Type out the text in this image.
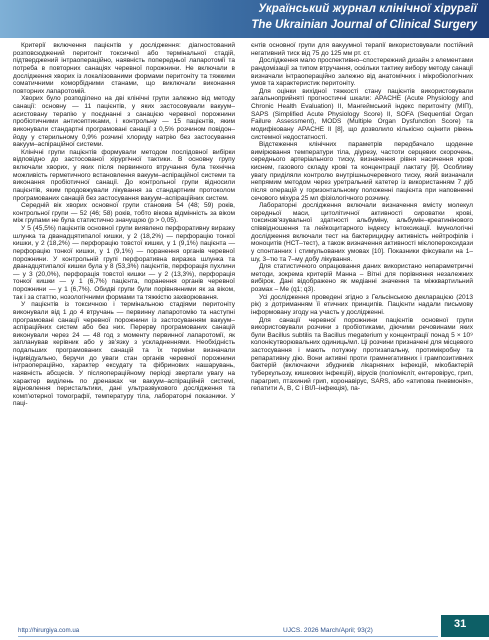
Український журнал клінічної хірургії
The Ukrainian Journal of Clinical Surgery

Критерії включення пацієнтів у дослідження: діагностований розповсюджений перитоніт токсичної або термінальної стадій, підтверджений інтраопераційно, наявність попередньої лапаротомії та потреба в повторних санаціях черевної порожнини. Не включали в дослідження хворих із локалізованими формами перитоніту та тяжкими соматичними коморбідними станами, що виключали виконання повторних лапаротомій.

Хворих було розподілено на дві клінічні групи залежно від методу санації: основну — 11 пацієнтів, у яких застосовували вакуум–асистовану терапію у поєднанні з санацією черевної порожнини пробіотичними антисептиками, і контрольну — 15 пацієнтів, яким виконували стандартні програмовані санації з 0,5% розчином повідон–йоду у стерильному 0,9% розчині хлориду натрію без застосування вакуум–аспіраційної системи.

Клінічні групи пацієнтів формували методом послідовної вибірки відповідно до застосованої хірургічної тактики. В основну групу включали хворих, у яких після первинного втручання була технічна можливість герметичного встановлення вакуум–аспіраційної системи та виконання пробіотичної санації. До контрольної групи відносили пацієнтів, яким продовжували лікування за стандартним протоколом програмованих санацій без застосування вакуум–аспіраційних систем.

Середній вік хворих основної групи становив 54 (48; 59) років, контрольної групи — 52 (46; 58) років, тобто вікова відмінність за віком між групами не була статистично значущою (p > 0,05).

У 5 (45,5%) пацієнтів основної групи виявлено перфоративну виразку шлунка та дванадцятипалої кишки, у 2 (18,2%) — перфорацію тонкої кишки, у 2 (18,2%) — перфорацію товстої кишки, у 1 (9,1%) пацієнта — перфорацію тонкої кишки, у 1 (9,1%) — поранення органів черевної порожнини. У контрольній групі перфоративна виразка шлунка та дванадцятипалої кишки була у 8 (53,3%) пацієнтів, перфорація пухлини — у 3 (20,0%), перфорація товстої кишки — у 2 (13,3%), перфорація тонкої кишки — у 1 (6,7%) пацієнта, поранення органів черевної порожнини — у 1 (6,7%). Обидві групи були порівнянними як за віком, так і за статтю, нозологічними формами та тяжкістю захворювання.

У пацієнтів із токсичною і термінальною стадіями перитоніту виконували від 1 до 4 втручань — первинну лапаротомію та наступні програмовані санації черевної порожнини із застосуванням вакуум–аспіраційних систем або без них. Перерву програмованих санацій виконували через 24 — 48 год з моменту первинної лапаротомії, як запланував керівник або у зв’язку з ускладненнями. Необхідність подальших програмованих санацій та їх терміни визначали індивідуально, беручи до уваги стан органів черевної порожнини інтраопераційно, характер ексудату та фібринових нашарувань, наявність абсцесів. У післяопераційному періоді звертали увагу на характер виділень по дренажах чи вакуум–аспіраційній системі, відновлення перистальтики, дані ультразвукового дослідження та комп’ютерної томографії, температуру тіла, лабораторні показники. У паці-

єнтів основної групи для вакуумної терапії використовували постійний негативний тиск від 75 до 125 мм рт. ст.

Дослідження мало проспективно–спостережний дизайн з елементами рандомізації за типом втручання, оскільки тактику вибору методу санації визначали інтраопераційно залежно від анатомічних і мікробіологічних умов та характеристик перитоніту.

Для оцінки вихідної тяжкості стану пацієнтів використовували загальноприйняті прогностичні шкали: APACHE (Acute Physiology and Chronic Health Evaluation) II, Мангеймський індекс перитоніту (МІП), SAPS (Simplified Acute Physiology Score) II, SOFA (Sequential Organ Failure Assessment), MODS (Multiple Organ Dysfunction Score) та модифіковану APACHE II [8], що дозволило кількісно оцінити рівень системної недостатності.

Відстеження клінічних параметрів передбачало щоденне вимірювання температури тіла, діурезу, частоти серцевих скорочень, середнього артеріального тиску, визначення рівня насичення крові киснем, газового складу крові та концентрації лактату [9]. Особливу увагу приділяли контролю внутрішньочеревного тиску, який визначали непрямим методом через уретральний катетер із використанням 7 діб після операцій у горизонтальному положенні пацієнта при наповненні сечового міхура 25 мл фізіологічного розчину.

Лабораторні дослідження включали визначення вмісту молекул середньої маси, цитолітичної активності сироватки крові, токсинзв’язувальної здатності альбуміну, альбумін–креатинінового співвідношення та лейкоцитарного індексу інтоксикації. Імунологічні дослідження включали тест на бактерицидну активність нейтрофілів і моноцитів (НСТ–тест), а також визначення активності мієлопероксидази у спонтанних і стимульованих умовах [10]. Показники фіксували на 1–шу, 3–тю та 7–му добу лікування.

Для статистичного опрацювання даних використано непараметричні методи, зокрема критерій Манна – Вітні для порівняння незалежних вибірок. Дані відображено як медіанні значення та міжквартильний розмах – Me (q1; q3).

Усі дослідження проведені згідно з Гельсінською декларацією (2013 рік) з дотриманням її етичних принципів. Пацієнти надали письмову інформовану згоду на участь у дослідженні.

Для санації черевної порожнини пацієнтів основної групи використовували розчини з пробіотиками, діючими речовинами яких були Bacillus subtilis та Bacillus megaterium у концентрації понад 5 × 10⁹ колонієутворювальних одиниць/мл. Ці розчини призначені для місцевого застосування і мають потужну протизапальну, протимікробну та репаративну дію. Вони активні проти грамнегативних і грампозитивних бактерій (включаючи збудників лікарняних інфекцій, мікобактерій туберкульозу, кишкових інфекцій), вірусів (поліомієліт, ентеровірус, грип, парагрип, птахиний грип, коронавірус, SARS, або «атипова пневмонія», гепатити А, В, С і ВІЛ–інфекція), па-

http://hirurgiya.com.ua	UJCS. 2026 March/April; 93(2)
31
